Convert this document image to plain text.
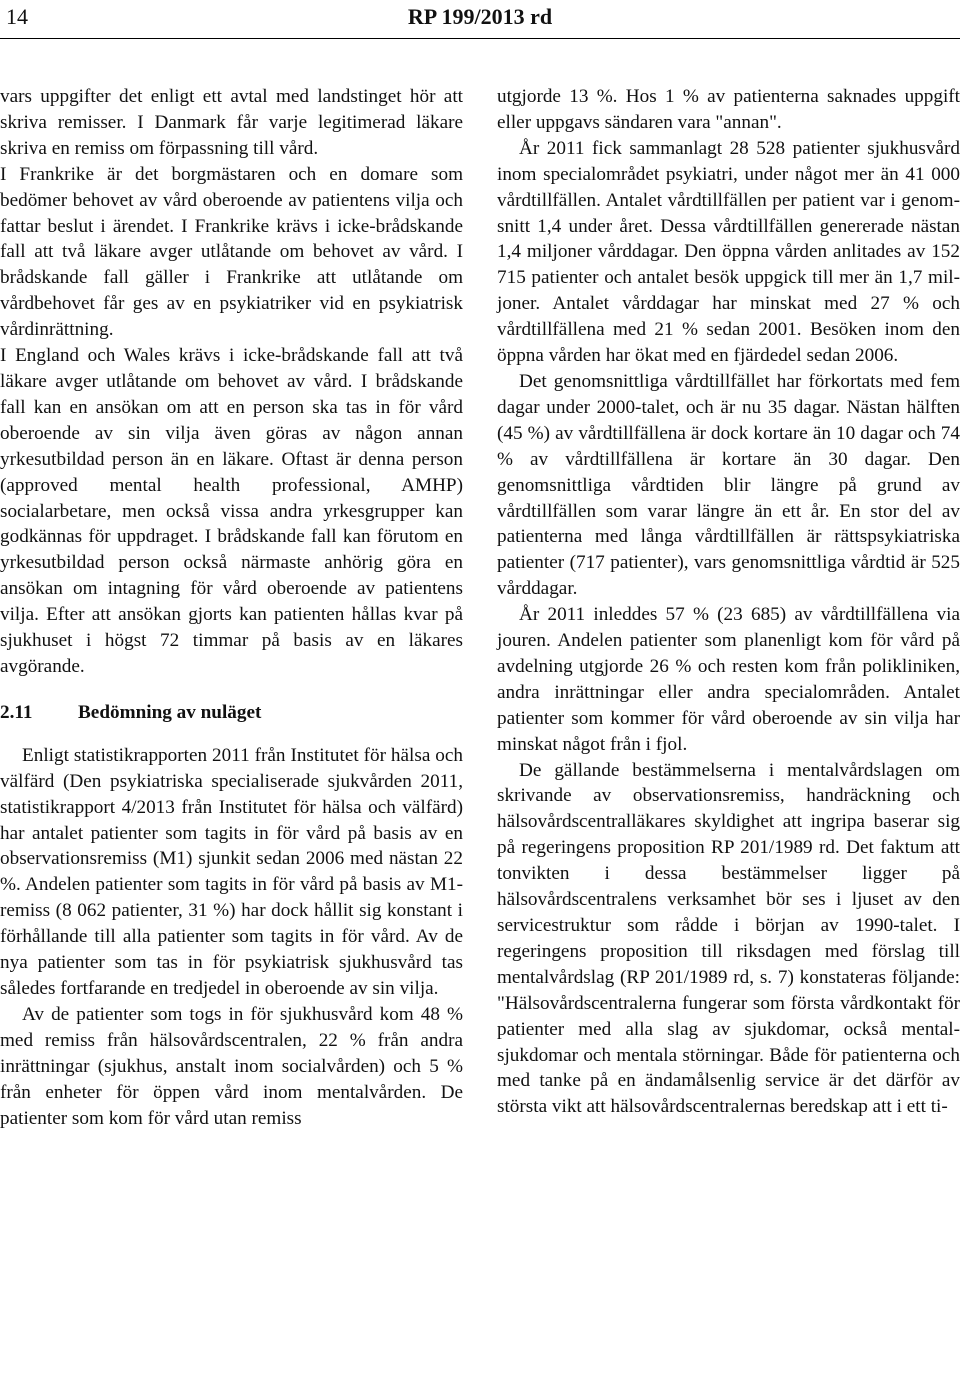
14	RP 199/2013 rd

vars uppgifter det enligt ett avtal med landstinget hör att skriva remisser. I Danmark får varje legitimerad läkare skriva en remiss om förpassning till vård.

I Frankrike är det borgmästaren och en domare som bedömer behovet av vård oberoende av patientens vilja och fattar beslut i ärendet. I Frankrike krävs i icke-brådskande fall att två läkare avger utlåtande om behovet av vård. I brådskande fall gäller i Frankrike att utlåtande om vårdbehovet får ges av en psykiatriker vid en psykiatrisk vårdinrättning.

I England och Wales krävs i icke-brådskande fall att två läkare avger utlåtande om behovet av vård. I brådskande fall kan en ansökan om att en person ska tas in för vård oberoende av sin vilja även göras av någon annan yrkesutbildad person än en läkare. Oftast är denna person (approved mental health professional, AMHP) socialarbetare, men också vissa andra yrkesgrupper kan godkännas för uppdraget. I brådskande fall kan förutom en yrkesutbildad person också närmaste anhörig göra en ansökan om intagning för vård oberoende av patientens vilja. Efter att ansökan gjorts kan patienten hållas kvar på sjukhuset i högst 72 timmar på basis av en läkares avgörande.

2.11 Bedömning av nuläget

Enligt statistikrapporten 2011 från Institutet för hälsa och välfärd (Den psykiatriska specialiserade sjukvården 2011, statistikrapport 4/2013 från Institutet för hälsa och välfärd) har antalet patienter som tagits in för vård på basis av en observationsremiss (M1) sjunkit sedan 2006 med nästan 22 %. Andelen patienter som tagits in för vård på basis av M1-remiss (8 062 patienter, 31 %) har dock hållit sig konstant i förhållande till alla patienter som tagits in för vård. Av de nya patienter som tas in för psykiatrisk sjukhusvård tas således fortfarande en tredjedel in oberoende av sin vilja.

Av de patienter som togs in för sjukhusvård kom 48 % med remiss från hälsovårdscentralen, 22 % från andra inrättningar (sjukhus, anstalt inom socialvården) och 5 % från enheter för öppen vård inom mentalvården. De patienter som kom för vård utan remiss

utgjorde 13 %. Hos 1 % av patienterna saknades uppgift eller uppgavs sändaren vara "annan".

År 2011 fick sammanlagt 28 528 patienter sjukhusvård inom specialområdet psykiatri, under något mer än 41 000 vårdtillfällen. Antalet vårdtillfällen per patient var i genomsnitt 1,4 under året. Dessa vårdtillfällen genererade nästan 1,4 miljoner vårddagar. Den öppna vården anlitades av 152 715 patienter och antalet besök uppgick till mer än 1,7 miljoner. Antalet vårddagar har minskat med 27 % och vårdtillfällena med 21 % sedan 2001. Besöken inom den öppna vården har ökat med en fjärdedel sedan 2006.

Det genomsnittliga vårdtillfället har förkortats med fem dagar under 2000-talet, och är nu 35 dagar. Nästan hälften (45 %) av vårdtillfällena är dock kortare än 10 dagar och 74 % av vårdtillfällena är kortare än 30 dagar. Den genomsnittliga vårdtiden blir längre på grund av vårdtillfällen som varar längre än ett år. En stor del av patienterna med långa vårdtillfällen är rättspsykiatriska patienter (717 patienter), vars genomsnittliga vårdtid är 525 vårddagar.

År 2011 inleddes 57 % (23 685) av vårdtillfällena via jouren. Andelen patienter som planenligt kom för vård på avdelning utgjorde 26 % och resten kom från polikliniken, andra inrättningar eller andra specialområden. Antalet patienter som kommer för vård oberoende av sin vilja har minskat något från i fjol.

De gällande bestämmelserna i mentalvårdslagen om skrivande av observationsremiss, handräckning och hälsovårdscentralläkares skyldighet att ingripa baserar sig på regeringens proposition RP 201/1989 rd. Det faktum att tonvikten i dessa bestämmelser ligger på hälsovårdscentralens verksamhet bör ses i ljuset av den servicestruktur som rådde i början av 1990-talet. I regeringens proposition till riksdagen med förslag till mentalvårdslag (RP 201/1989 rd, s. 7) konstateras följande: "Hälsovårdscentralerna fungerar som första vårdkontakt för patienter med alla slag av sjukdomar, också mentalsjukdomar och mentala störningar. Både för patienterna och med tanke på en ändamålsenlig service är det därför av största vikt att hälsovårdscentralernas beredskap att i ett ti-
